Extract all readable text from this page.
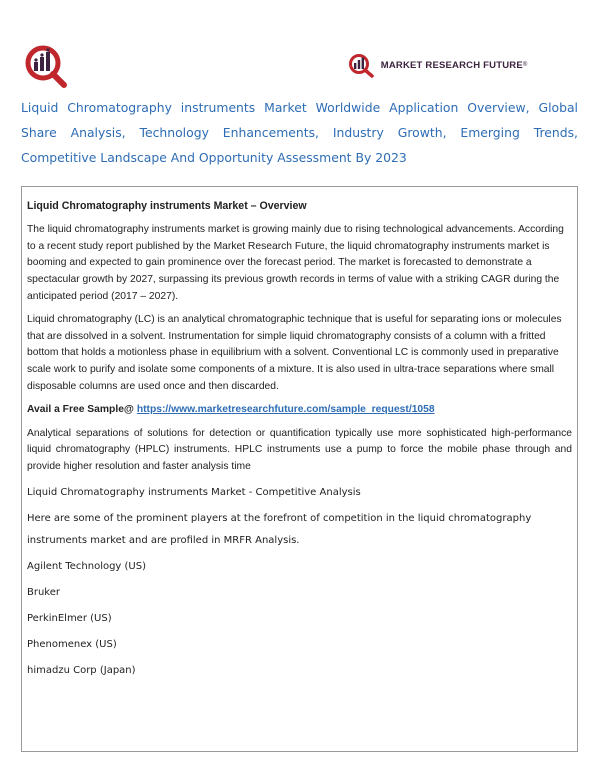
MARKET RESEARCH FUTURE ®
Liquid Chromatography instruments Market Worldwide Application Overview, Global Share Analysis, Technology Enhancements, Industry Growth, Emerging Trends, Competitive Landscape And Opportunity Assessment By 2023

Liquid Chromatography instruments Market – Overview

The liquid chromatography instruments market is growing mainly due to rising technological advancements. According to a recent study report published by the Market Research Future, the liquid chromatography instruments market is booming and expected to gain prominence over the forecast period. The market is forecasted to demonstrate a spectacular growth by 2027, surpassing its previous growth records in terms of value with a striking CAGR during the anticipated period (2017 – 2027).

Liquid chromatography (LC) is an analytical chromatographic technique that is useful for separating ions or molecules that are dissolved in a solvent. Instrumentation for simple liquid chromatography consists of a column with a fritted bottom that holds a motionless phase in equilibrium with a solvent. Conventional LC is commonly used in preparative scale work to purify and isolate some components of a mixture. It is also used in ultra-trace separations where small disposable columns are used once and then discarded.

Avail a Free Sample@ https://www.marketresearchfuture.com/sample_request/1058

Analytical separations of solutions for detection or quantification typically use more sophisticated high-performance liquid chromatography (HPLC) instruments. HPLC instruments use a pump to force the mobile phase through and provide higher resolution and faster analysis time

Liquid Chromatography instruments Market - Competitive Analysis

Here are some of the prominent players at the forefront of competition in the liquid chromatography instruments market and are profiled in MRFR Analysis.

Agilent Technology (US)

Bruker

PerkinElmer (US)

Phenomenex (US)

himadzu Corp (Japan)
